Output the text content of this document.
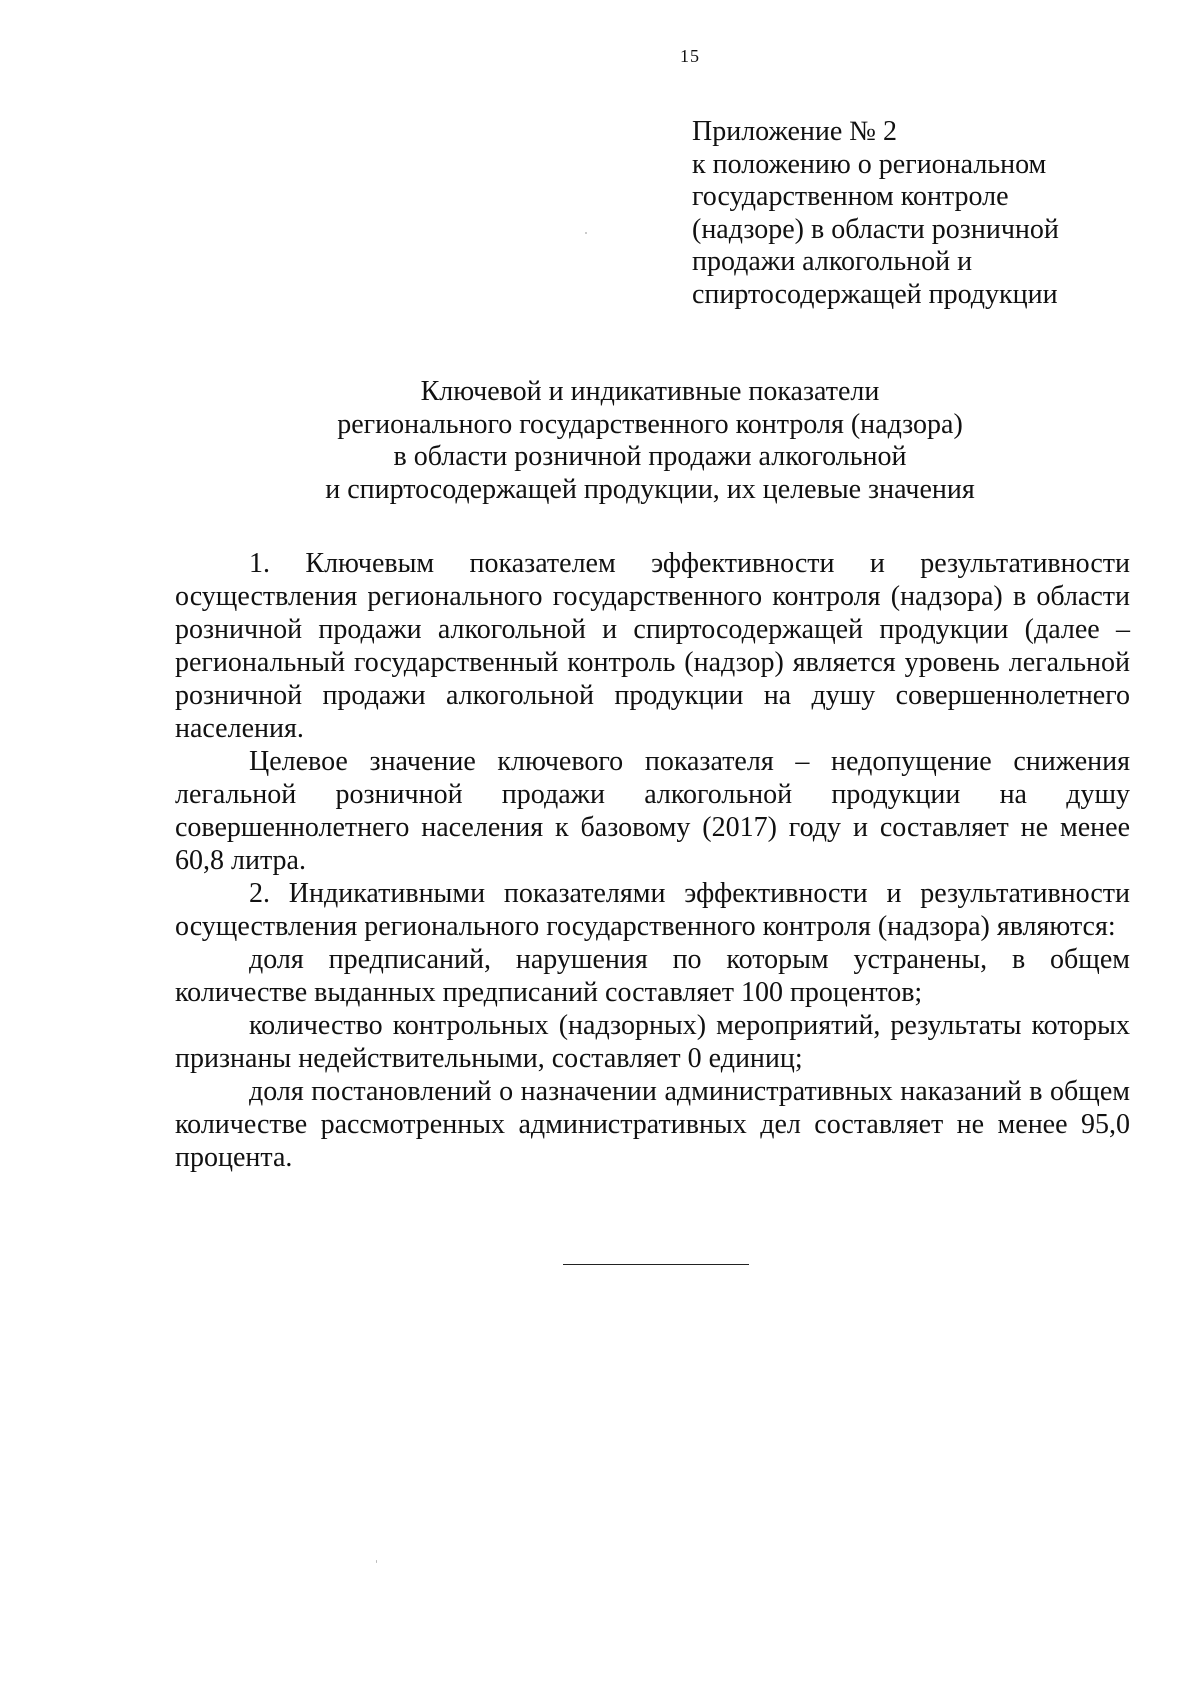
15
Приложение № 2
к положению о региональном
государственном контроле
(надзоре) в области розничной
продажи алкогольной и
спиртосодержащей продукции
Ключевой и индикативные показатели
регионального государственного контроля (надзора)
в области розничной продажи алкогольной
и спиртосодержащей продукции, их целевые значения

1. Ключевым показателем эффективности и результативности осуществления регионального государственного контроля (надзора) в области розничной продажи алкогольной и спиртосодержащей продукции (далее – региональный государственный контроль (надзор) является уровень легальной розничной продажи алкогольной продукции на душу совершеннолетнего населения.

Целевое значение ключевого показателя – недопущение снижения легальной розничной продажи алкогольной продукции на душу совершеннолетнего населения к базовому (2017) году и составляет не менее 60,8 литра.

2. Индикативными показателями эффективности и результативности осуществления регионального государственного контроля (надзора) являются:

доля предписаний, нарушения по которым устранены, в общем количестве выданных предписаний составляет 100 процентов;

количество контрольных (надзорных) мероприятий, результаты которых признаны недействительными, составляет 0 единиц;

доля постановлений о назначении административных наказаний в общем количестве рассмотренных административных дел составляет не менее 95,0 процента.
